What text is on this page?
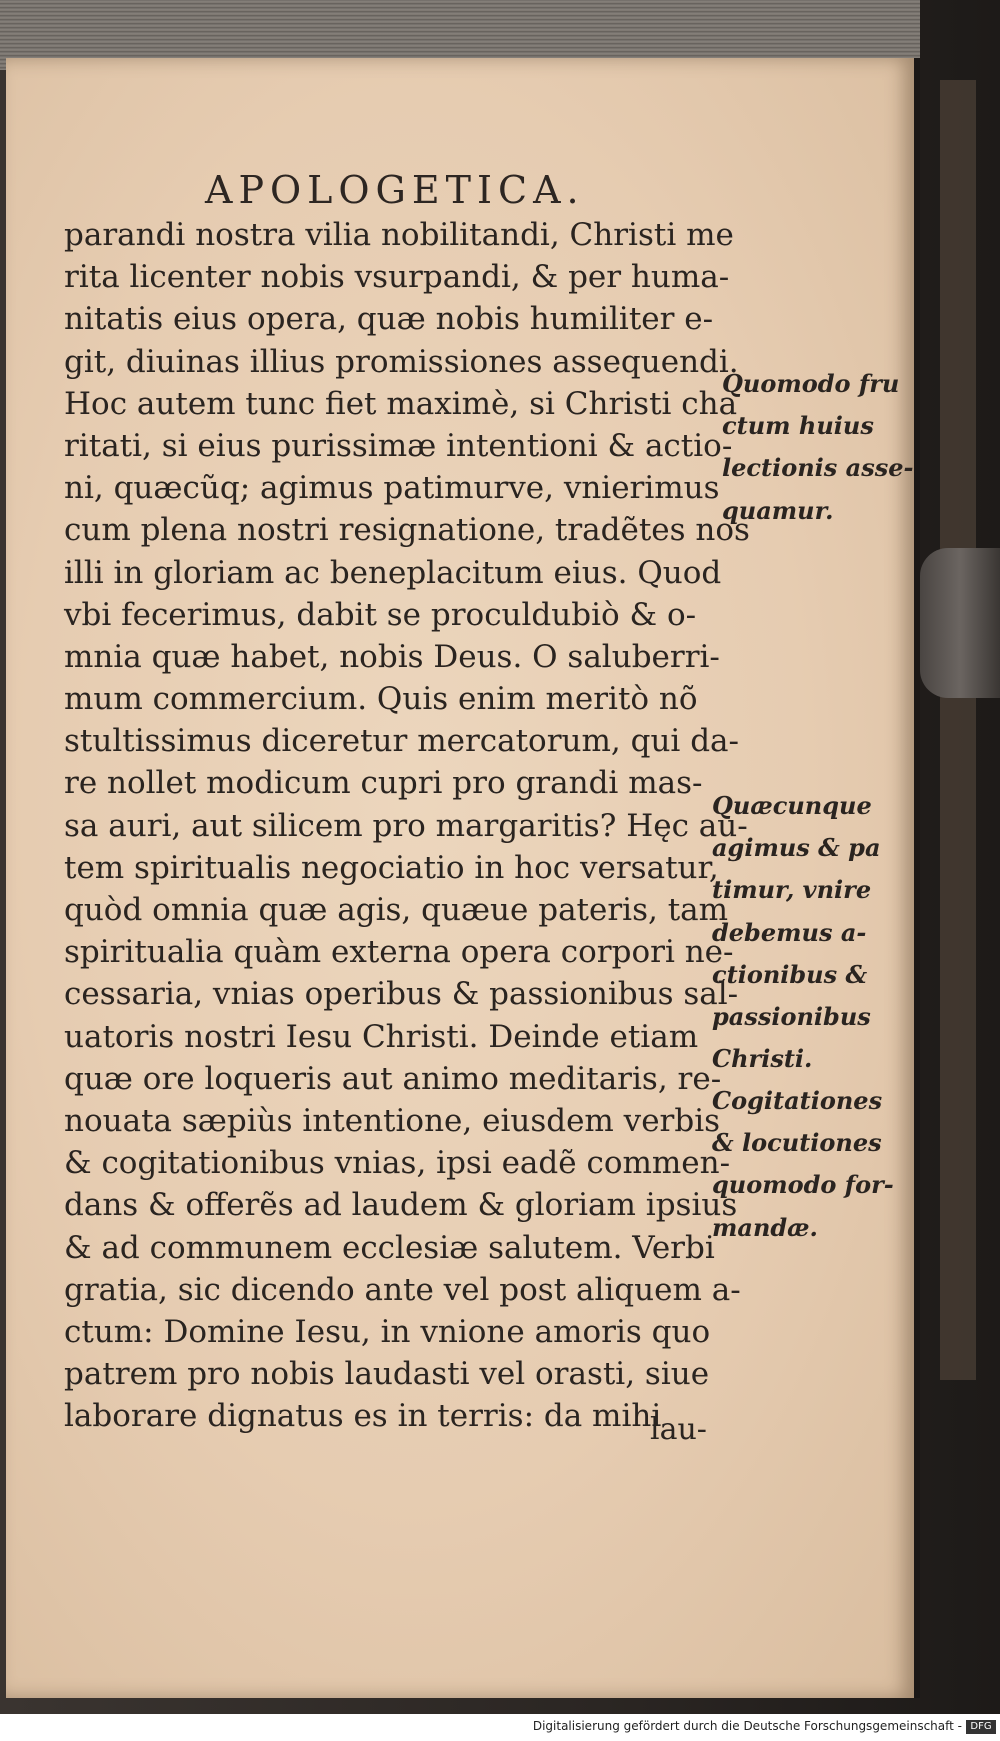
APOLOGETICA.
parandi nostra vilia nobilitandi, Christi me
rita licenter nobis vsurpandi, & per huma-
nitatis eius opera, quæ nobis humiliter e-
git, diuinas illius promissiones assequendi.
Hoc autem tunc fiet maximè, si Christi cha
ritati, si eius purissimæ intentioni & actio-
ni, quæcũq; agimus patimurve, vnierimus
cum plena nostri resignatione, tradẽtes nos
illi in gloriam ac beneplacitum eius. Quod
vbi fecerimus, dabit se proculdubiò & o-
mnia quæ habet, nobis Deus. O saluberri-
mum commercium. Quis enim meritò nõ
stultissimus diceretur mercatorum, qui da-
re nollet modicum cupri pro grandi mas-
sa auri, aut silicem pro margaritis? Hęc au-
tem spiritualis negociatio in hoc versatur,
quòd omnia quæ agis, quæue pateris, tam
spiritualia quàm externa opera corpori ne-
cessaria, vnias operibus & passionibus sal-
uatoris nostri Iesu Christi. Deinde etiam
quæ ore loqueris aut animo meditaris, re-
nouata sæpiùs intentione, eiusdem verbis
& cogitationibus vnias, ipsi eadẽ commen-
dans & offerẽs ad laudem & gloriam ipsius
& ad communem ecclesiæ salutem. Verbi
gratia, sic dicendo ante vel post aliquem a-
ctum: Domine Iesu, in vnione amoris quo
patrem pro nobis laudasti vel orasti, siue
laborare dignatus es in terris: da mihi
Quomodo fru
ctum huius
lectionis asse-
quamur.
Quæcunque
agimus & pa
timur, vnire
debemus a-
ctionibus &
passionibus
Christi.
Cogitationes
& locutiones
quomodo for-
mandæ.
lau-
Digitalisierung gefördert durch die Deutsche Forschungsgemeinschaft - DFG
